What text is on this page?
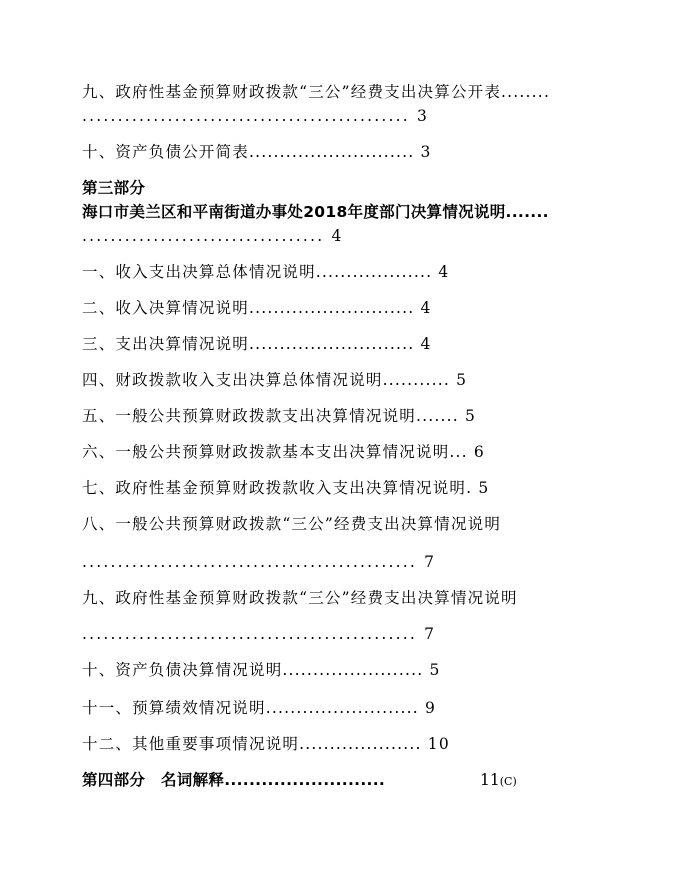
九、政府性基金预算财政拨款“三公”经费支出决算公开表........
.............................................. 3
十、资产负债公开简表........................... 3
第三部分
海口市美兰区和平南街道办事处2018年度部门决算情况说明.......
.................................. 4
一、收入支出决算总体情况说明................... 4
二、收入决算情况说明........................... 4
三、支出决算情况说明........................... 4
四、财政拨款收入支出决算总体情况说明........... 5
五、一般公共预算财政拨款支出决算情况说明....... 5
六、一般公共预算财政拨款基本支出决算情况说明... 6
七、政府性基金预算财政拨款收入支出决算情况说明. 5
八、一般公共预算财政拨款“三公”经费支出决算情况说明
............................................... 7
九、政府性基金预算财政拨款“三公”经费支出决算情况说明
............................................... 7
十、资产负债决算情况说明....................... 5
十一、预算绩效情况说明......................... 9
十二、其他重要事项情况说明.................... 10
第四部分　名词解释..........................	11(C)
